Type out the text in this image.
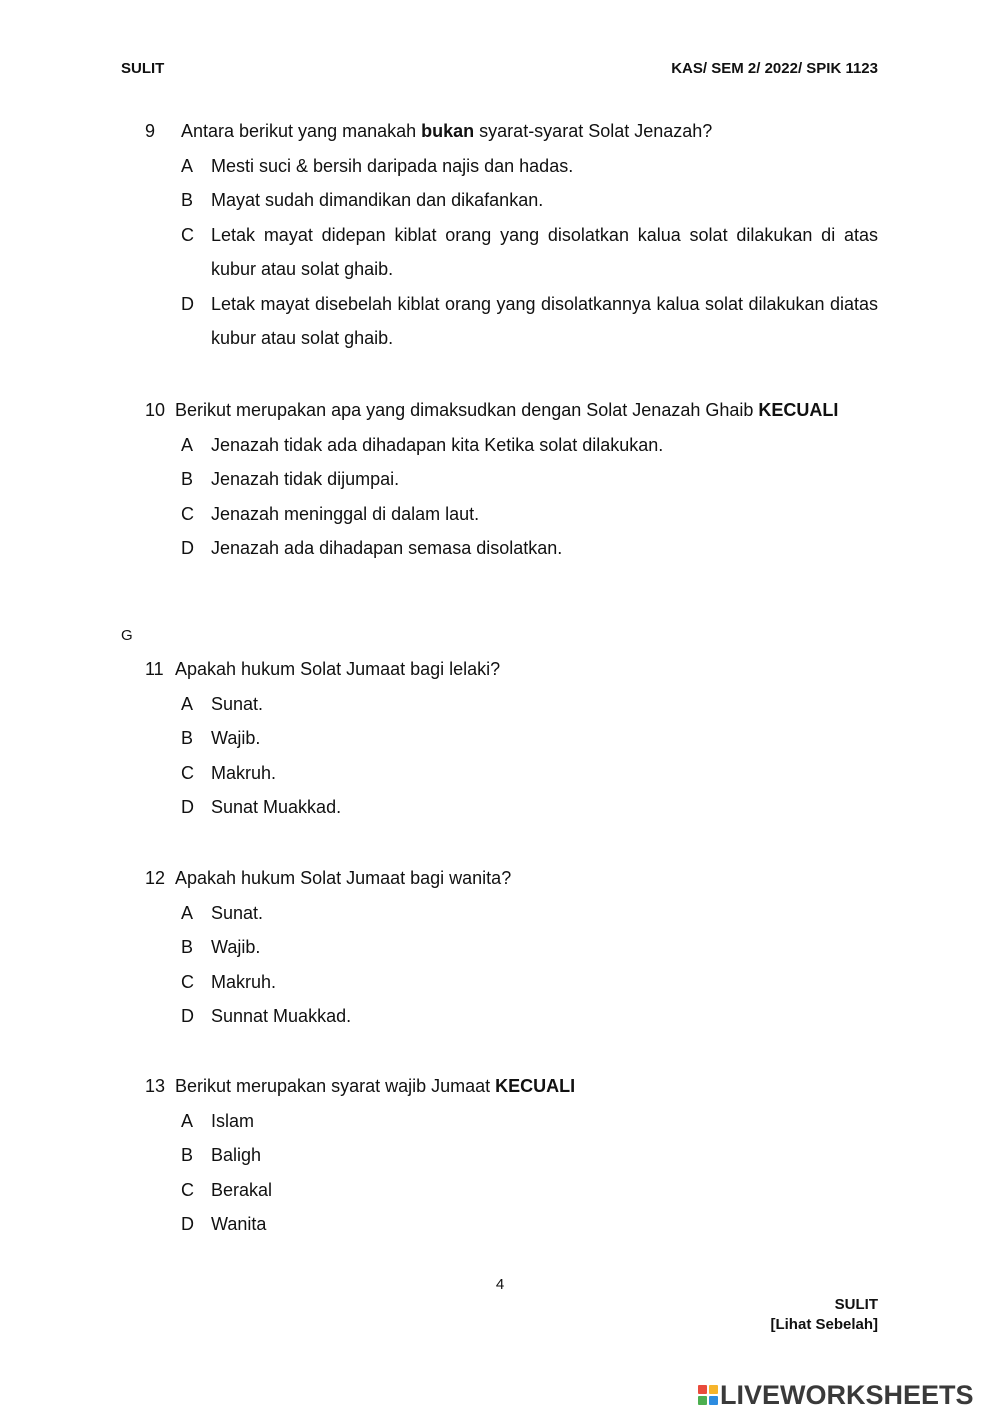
SULIT	KAS/ SEM 2/ 2022/ SPIK 1123
9	Antara berikut yang manakah bukan syarat-syarat Solat Jenazah?
A Mesti suci & bersih daripada najis dan hadas.
B Mayat sudah dimandikan dan dikafankan.
C Letak mayat didepan kiblat orang yang disolatkan kalua solat dilakukan di atas kubur atau solat ghaib.
D Letak mayat disebelah kiblat orang yang disolatkannya kalua solat dilakukan diatas kubur atau solat ghaib.
10 Berikut merupakan apa yang dimaksudkan dengan Solat Jenazah Ghaib KECUALI
A Jenazah tidak ada dihadapan kita Ketika solat dilakukan.
B Jenazah tidak dijumpai.
C Jenazah meninggal di dalam laut.
D Jenazah ada dihadapan semasa disolatkan.
G
11 Apakah hukum Solat Jumaat bagi lelaki?
A Sunat.
B Wajib.
C Makruh.
D Sunat Muakkad.
12 Apakah hukum Solat Jumaat bagi wanita?
A Sunat.
B Wajib.
C Makruh.
D Sunnat Muakkad.
13 Berikut merupakan syarat wajib Jumaat KECUALI
A Islam
B Baligh
C Berakal
D Wanita
4
SULIT
[Lihat Sebelah]
LIVEWORKSHEETS
